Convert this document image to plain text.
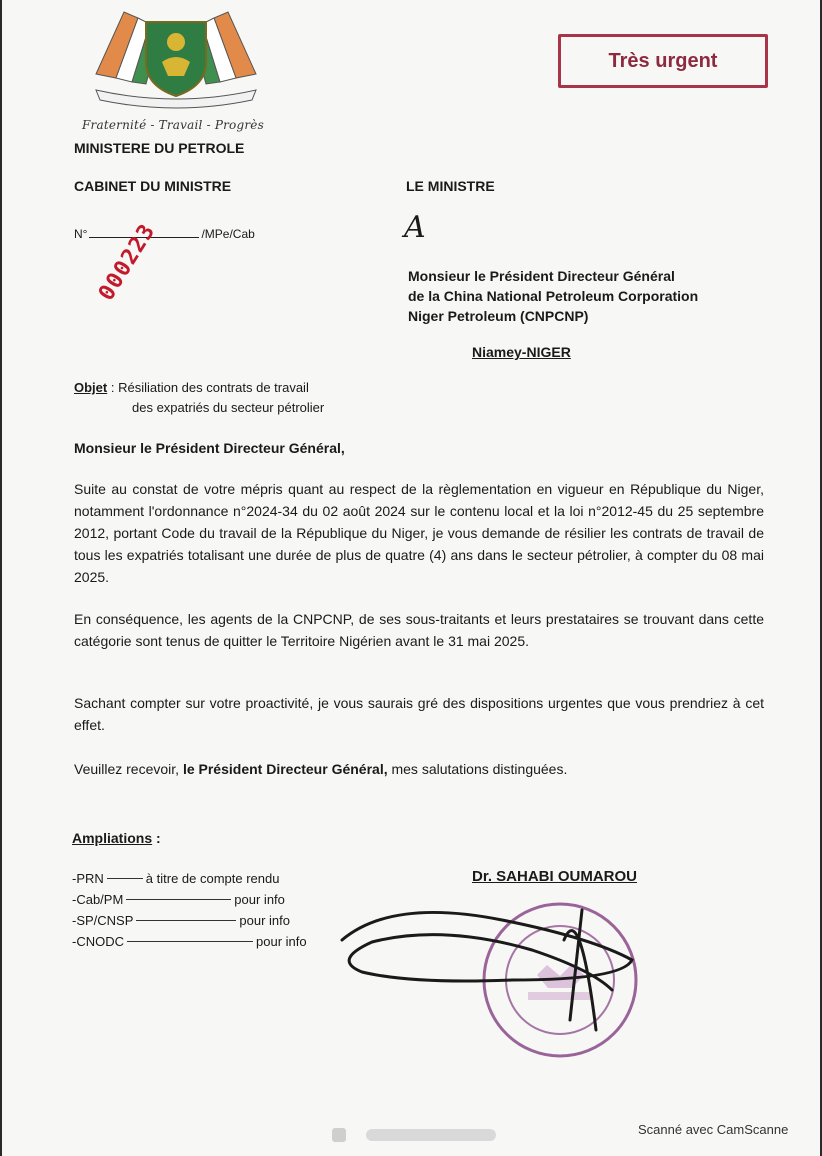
Fraternité - Travail - Progrès
MINISTERE DU PETROLE
CABINET DU MINISTRE
N°	/MPe/Cab
000223
Très urgent
LE MINISTRE
A
Monsieur le Président Directeur Général
de la China National Petroleum Corporation
Niger Petroleum (CNPCNP)
Niamey-NIGER
Objet : Résiliation des contrats de travail
des expatriés du secteur pétrolier
Monsieur le Président Directeur Général,
Suite au constat de votre mépris quant au respect de la règlementation en vigueur en République du Niger, notamment l'ordonnance n°2024-34 du 02 août 2024 sur le contenu local et la loi n°2012-45 du 25 septembre 2012, portant Code du travail de la République du Niger, je vous demande de résilier les contrats de travail de tous les expatriés totalisant une durée de plus de quatre (4) ans dans le secteur pétrolier, à compter du 08 mai 2025.
En conséquence, les agents de la CNPCNP, de ses sous-traitants et leurs prestataires se trouvant dans cette catégorie sont tenus de quitter le Territoire Nigérien avant le 31 mai 2025.
Sachant compter sur votre proactivité, je vous saurais gré des dispositions urgentes que vous prendriez à cet effet.
Veuillez recevoir, le Président Directeur Général, mes salutations distinguées.
Ampliations :
-PRN	à titre de compte rendu
-Cab/PM	pour info
-SP/CNSP	pour info
-CNODC	pour info
Dr. SAHABI OUMAROU
Scanné avec CamScanne
